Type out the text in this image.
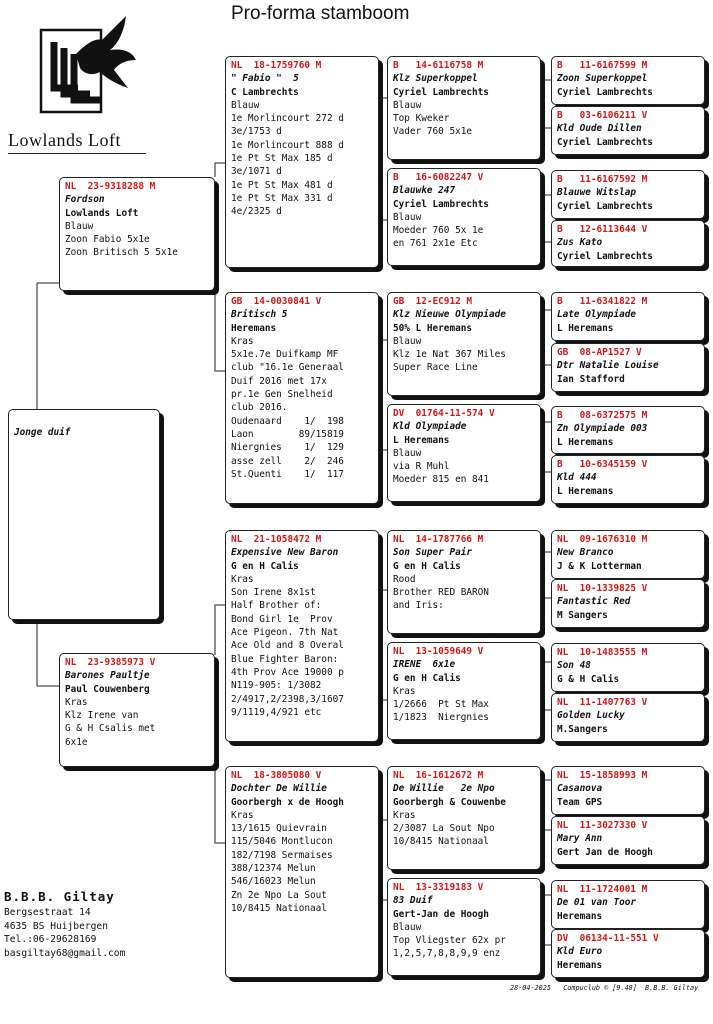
Pro-forma stamboom
Lowlands Loft
Jonge duif
NL  23-9318288 M
Fordson
Lowlands Loft
Blauw
Zoon Fabio 5x1e
Zoon Britisch 5 5x1e
NL  23-9385973 V
Barones Paultje
Paul Couwenberg
Kras
Klz Irene van
G & H Csalis met
6x1e
NL  18-1759760 M
" Fabio "  5
C Lambrechts
Blauw
1e Morlincourt 272 d
3e/1753 d
1e Morlincourt 888 d
1e Pt St Max 185 d
3e/1071 d
1e Pt St Max 481 d
1e Pt St Max 331 d
4e/2325 d
GB  14-0030841 V
Britisch 5
Heremans
Kras
5x1e.7e Duifkamp MF
club "16.1e Generaal
Duif 2016 met 17x
pr.1e Gen Snelheid
club 2016.
Oudenaard    1/  198
Laon        89/15819
Niergnies    1/  129
asse zell    2/  246
St.Quenti    1/  117
NL  21-1058472 M
Expensive New Baron
G en H Calis
Kras
Son Irene 8x1st
Half Brother of:
Bond Girl 1e  Prov
Ace Pigeon. 7th Nat
Ace Old and 8 Overal
Blue Fighter Baron:
4th Prov Ace 19000 p
N119-905: 1/3082
2/4917,2/2398,3/1607
9/1119,4/921 etc
NL  18-3805080 V
Dochter De Willie
Goorbergh x de Hoogh
Kras
13/1615 Quievrain
115/5046 Montlucon
182/7198 Sermaises
388/12374 Melun
546/16023 Melun
Zn 2e Npo La Sout
10/8415 Nationaal
B   14-6116758 M
Klz Superkoppel
Cyriel Lambrechts
Blauw
Top Kweker
Vader 760 5x1e
B   16-6082247 V
Blauwke 247
Cyriel Lambrechts
Blauw
Moeder 760 5x 1e
en 761 2x1e Etc
GB  12-EC912 M
Klz Nieuwe Olympiade
50% L Heremans
Blauw
Klz 1e Nat 367 Miles
Super Race Line
DV  01764-11-574 V
Kld Olympiade
L Heremans
Blauw
via R Muhl
Moeder 815 en 841
NL  14-1787766 M
Son Super Pair
G en H Calis
Rood
Brother RED BARON
and Iris:
NL  13-1059649 V
IRENE  6x1e
G en H Calis
Kras
1/2666  Pt St Max
1/1823  Niergnies
NL  16-1612672 M
De Willie   2e Npo
Goorbergh & Couwenbe
Kras
2/3087 La Sout Npo
10/8415 Nationaal
NL  13-3319183 V
83 Duif
Gert-Jan de Hoogh
Blauw
Top Vliegster 62x pr
1,2,5,7,8,8,9,9 enz
B   11-6167599 M
Zoon Superkoppel
Cyriel Lambrechts
B   03-6106211 V
Kld Oude Dillen
Cyriel Lambrechts
B   11-6167592 M
Blauwe Witslap
Cyriel Lambrechts
B   12-6113644 V
Zus Kato
Cyriel Lambrechts
B   11-6341822 M
Late Olympiade
L Heremans
GB  08-AP1527 V
Dtr Natalie Louise
Ian Stafford
B   08-6372575 M
Zn Olympiade 003
L Heremans
B   10-6345159 V
Kld 444
L Heremans
NL  09-1676310 M
New Branco
J & K Lotterman
NL  10-1339825 V
Fantastic Red
M Sangers
NL  10-1483555 M
Son 48
G & H Calis
NL  11-1407763 V
Golden Lucky
M.Sangers
NL  15-1858993 M
Casanova
Team GPS
NL  11-3027330 V
Mary Ann
Gert Jan de Hoogh
NL  11-1724001 M
De 01 van Toor
Heremans
DV  06134-11-551 V
Kld Euro
Heremans
B.B.B. Giltay
Bergsestraat 14
4635 BS Huijbergen
Tel.:06-29628169
basgiltay68@gmail.com
28-04-2025   Compuclub © [9.48]  B.B.B. Giltay
